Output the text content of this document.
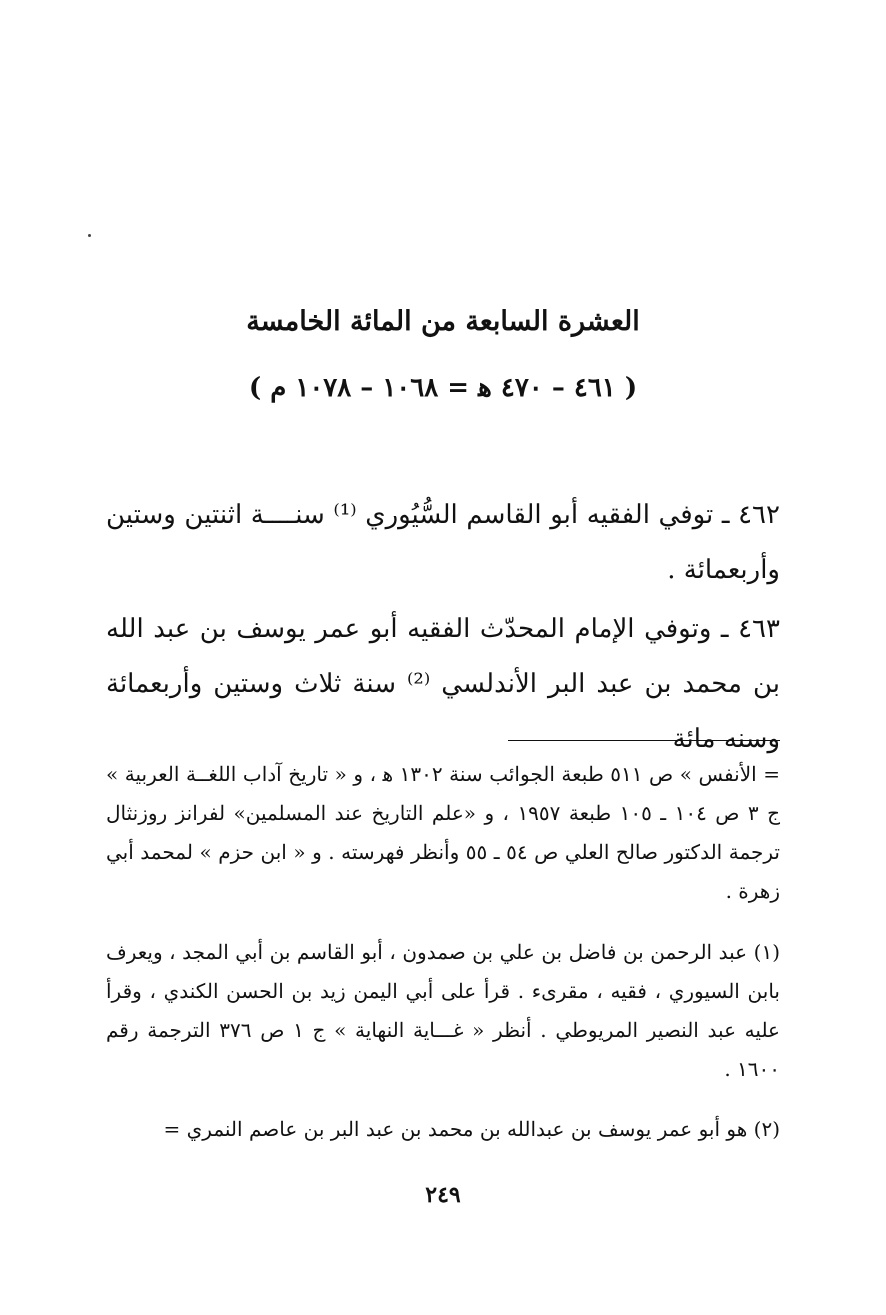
العشرة السابعة من المائة الخامسة
( ٤٦١ – ٤٧٠ ﻫ = ١٠٦٨ – ١٠٧٨ م )

٤٦٢ ـ توفي الفقيه أبو القاسم السُّيُوري ⁽¹⁾ سنــــة اثنتين وستين وأربعمائة .

٤٦٣ ـ وتوفي الإمام المحدّث الفقيه أبو عمر يوسف بن عبد الله بن محمد بن عبد البر الأندلسي ⁽²⁾ سنة ثلاث وستين وأربعمائة وسنه مائة

= الأنفس » ص ٥١١ طبعة الجوائب سنة ١٣٠٢ ﻫ ، و « تاريخ آداب اللغــة العربية » ج ٣ ص ١٠٤ ـ ١٠٥ طبعة ١٩٥٧ ، و «علم التاريخ عند المسلمين» لفرانز روزنثال ترجمة الدكتور صالح العلي ص ٥٤ ـ ٥٥ وأنظر فهرسته . و « ابن حزم » لمحمد أبي زهرة .

(١) عبد الرحمن بن فاضل بن علي بن صمدون ، أبو القاسم بن أبي المجد ، ويعرف بابن السيوري ، فقيه ، مقرىء . قرأ على أبي اليمن زيد بن الحسن الكندي ، وقرأ عليه عبد النصير المريوطي . أنظر « غـــاية النهاية » ج ١ ص ٣٧٦ الترجمة رقم ١٦٠٠ .

(٢) هو أبو عمر يوسف بن عبدالله بن محمد بن عبد البر بن عاصم النمري =

٢٤٩
